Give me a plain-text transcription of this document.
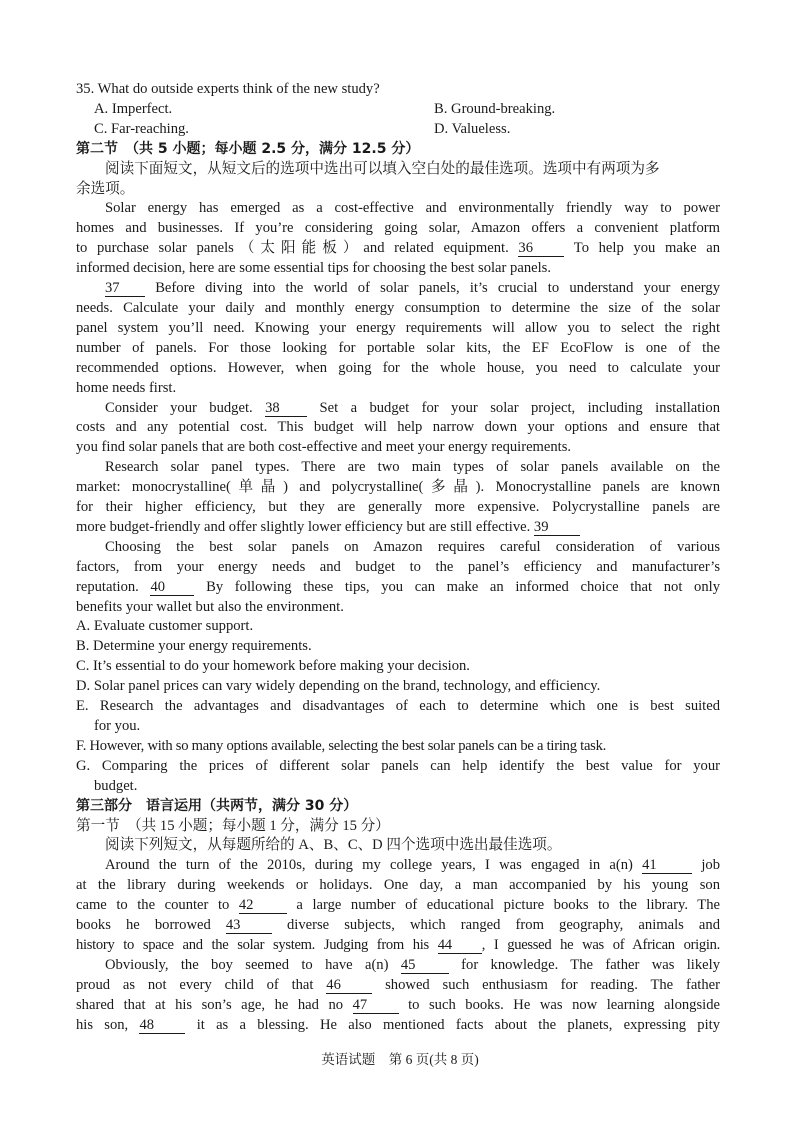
35. What do outside experts think of the new study?

A. Imperfect.	B. Ground-breaking.

C. Far-reaching.	D. Valueless.

第二节　（共 5 小题；每小题 2.5 分，满分 12.5 分）

阅读下面短文，从短文后的选项中选出可以填入空白处的最佳选项。选项中有两项为多

余选项。

Solar energy has emerged as a cost-effective and environmentally friendly way to power

homes and businesses. If you’re considering going solar, Amazon offers a convenient platform

to purchase solar panels（太阳能板）and related equipment. 36 To help you make an

informed decision, here are some essential tips for choosing the best solar panels.

37 Before diving into the world of solar panels, it’s crucial to understand your energy

needs. Calculate your daily and monthly energy consumption to determine the size of the solar

panel system you’ll need. Knowing your energy requirements will allow you to select the right

number of panels. For those looking for portable solar kits, the EF EcoFlow is one of the

recommended options. However, when going for the whole house, you need to calculate your

home needs first.

Consider your budget. 38 Set a budget for your solar project, including installation

costs and any potential cost. This budget will help narrow down your options and ensure that

you find solar panels that are both cost-effective and meet your energy requirements.

Research solar panel types. There are two main types of solar panels available on the

market: monocrystalline(单晶) and polycrystalline(多晶). Monocrystalline panels are known

for their higher efficiency, but they are generally more expensive. Polycrystalline panels are

more budget-friendly and offer slightly lower efficiency but are still effective. 39

Choosing the best solar panels on Amazon requires careful consideration of various

factors, from your energy needs and budget to the panel’s efficiency and manufacturer’s

reputation. 40 By following these tips, you can make an informed choice that not only

benefits your wallet but also the environment.

A. Evaluate customer support.

B. Determine your energy requirements.

C. It’s essential to do your homework before making your decision.

D. Solar panel prices can vary widely depending on the brand, technology, and efficiency.

E. Research the advantages and disadvantages of each to determine which one is best suited

for you.

F. However, with so many options available, selecting the best solar panels can be a tiring task.

G. Comparing the prices of different solar panels can help identify the best value for your

budget.

第三部分　语言运用（共两节，满分 30 分）

第一节　（共 15 小题；每小题 1 分，满分 15 分）

阅读下列短文，从每题所给的 A、B、C、D 四个选项中选出最佳选项。

Around the turn of the 2010s, during my college years, I was engaged in a(n) 41 job

at the library during weekends or holidays. One day, a man accompanied by his young son

came to the counter to 42 a large number of educational picture books to the library. The

books he borrowed 43 diverse subjects, which ranged from geography, animals and

history to space and the solar system. Judging from his 44 , I guessed he was of African origin.

Obviously, the boy seemed to have a(n) 45 for knowledge. The father was likely

proud as not every child of that 46 showed such enthusiasm for reading. The father

shared that at his son’s age, he had no 47 to such books. He was now learning alongside

his son, 48 it as a blessing. He also mentioned facts about the planets, expressing pity

英语试题　第 6 页(共 8 页)
